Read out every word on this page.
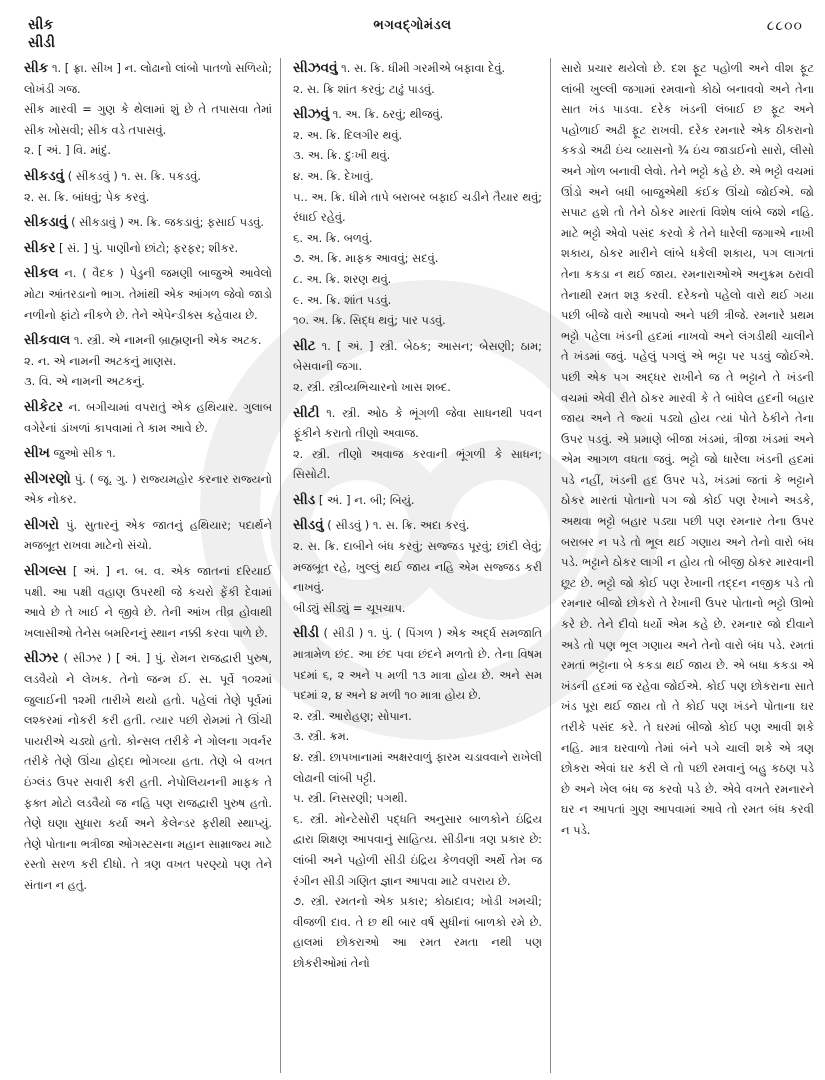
સીક
સીડી
ભગવદ્ગોમંડલ	૮૮૦૦

સીક ૧. [ ફ્રા. સીખ ] ન. લોઢાનો લાંબો પાતળો સળિયો; લોખંડી ગજ.

સીક મારવી = ગુણ કે થેલામાં શું છે તે તપાસવા તેમાં સીક ખોસવી; સીક વડે તપાસવું.

૨. [ અં. ] વિ. માંદું.

સીકડવું ( સીકડવું ) ૧. સ. ક્રિ. પકડવું.

૨. સ. ક્રિ. બાંધવું; પેક કરવું.

સીકડાવું ( સીકડાવું ) અ. ક્રિ. જકડાવું; ફસાઈ પડવું.

સીકર [ સં. ] પું. પાણીનો છાંટો; ફરફર; શીકર.

સીકલ ન. ( વૈદક ) પેડુની જમણી બાજુએ આવેલો મોટા આંતરડાનો ભાગ. તેમાંથી એક આંગળ જેવો જાડો નળીનો ફાંટો નીકળે છે. તેને એપેન્ડીક્સ કહેવાય છે.

સીકવાલ ૧. સ્ત્રી. એ નામની બ્રાહ્મણની એક અટક.

૨. ન. એ નામની અટકનું માણસ.

૩. વિ. એ નામની અટકનું.

સીકેટર ન. બગીચામાં વપરાતું એક હથિયાર. ગુલાબ વગેરેનાં ડાંખળાં કાપવામાં તે કામ આવે છે.

સીખ જુઓ સીક ૧.

સીગરણો પું. ( જૂ. ગુ. ) રાજ્યમહોર કરનાર રાજ્યનો એક નોકર.

સીગરો પું. સુતારનું એક જાતનું હથિયાર; પદાર્થને મજબૂત રાખવા માટેનો સંચો.

સીગલ્સ [ અં. ] ન. બ. વ. એક જાતનાં દરિયાઈ પક્ષી. આ પક્ષી વહાણ ઉપરથી જે કચરો ફેંકી દેવામાં આવે છે તે ખાઈ ને જીવે છે. તેની આંખ તીવ્ર હોવાથી ખલાસીઓ તેનેસ બમરિનનું સ્થાન નક્કી કરવા પાળે છે.

સીઝર ( સીઝર ) [ અં. ] પું. રોમન રાજદ્વારી પુરુષ, લડવૈયો ને લેખક. તેનો જન્મ ઈ. સ. પૂર્વે ૧૦૨માં જુલાઈની ૧૨મી તારીખે થયો હતો. પહેલાં તેણે પૂર્વમાં લશ્કરમાં નોકરી કરી હતી. ત્યાર પછી રોમમાં તે ઊંચી પાયરીએ ચડ્યો હતો. કોન્સલ તરીકે ને ગોલના ગવર્નર તરીકે તેણે ઊંચા હોદ્દા ભોગવ્યા હતા. તેણે બે વખત ઇંગ્લંડ ઉપર સવારી કરી હતી. નેપોલિયનની માફક તે ફક્ત મોટો લડવૈયો જ નહિ પણ રાજદ્વારી પુરુષ હતો. તેણે ઘણા સુધારા કર્યા અને કેલેન્ડર ફરીથી સ્થાપ્યું. તેણે પોતાના ભત્રીજા ઓગસ્ટસના મહાન સામ્રાજ્ય માટે રસ્તો સરળ કરી દીધો. તે ત્રણ વખત પરણ્યો પણ તેને સંતાન ન હતું.

સીઝવવું ૧. સ. ક્રિ. ધીમી ગરમીએ બફાવા દેવું.

૨. સ. ક્રિ શાંત કરવું; ટાઢું પાડવું.

સીઝવું ૧. અ. ક્રિ. ઠરવું; થીજવું.

૨. અ. ક્રિ. દિલગીર થવું.

૩. અ. ક્રિ. દુઃખી થવું.

૪. અ. ક્રિ. દેખાવું.

૫.. અ. ક્રિ. ધીમે તાપે બરાબર બફાઈ ચડીને તૈયાર થવું; રંધાઈ રહેવું.

૬. અ. ક્રિ. બળવું.

૭. અ. ક્રિ. માફક આવવું; સદવું.

૮. અ. ક્રિ. શરણ થવું.

૯. અ. ક્રિ. શાંત પડવું.

૧૦. અ. ક્રિ. સિદ્ધ થવું; પાર પડવું.

સીટ ૧. [ અં. ] સ્ત્રી. બેઠક; આસન; બેસણી; ઠામ; બેસવાની જગા.

૨. સ્ત્રી. સ્ત્રીવ્યભિચારનો ખાસ શબ્દ.

સીટી ૧. સ્ત્રી. ઓઠ કે ભૂંગળી જેવા સાધનથી પવન ફૂંકીને કરાતો તીણો અવાજ.

૨. સ્ત્રી. તીણો અવાજ કરવાની ભૂંગળી કે સાધન; સિસોટી.

સીડ [ અં. ] ન. બી; બિયું.

સીડવું ( સીડવું ) ૧. સ. ક્રિ. અદા કરવું.

૨. સ. ક્રિ. દાબીને બંધ કરવું; સજ્જડ પૂરવું; છાંદી લેવું; મજબૂત રહે, ખુલ્લું થઈ જાય નહિ એમ સજ્જડ કરી નાખવું.

બીડ્યું સીડ્યું = ચૂપચાપ.

સીડી ( સીડી ) ૧. પું. ( પિંગળ ) એક અર્દ્ધ સમજાતિ માત્રામેળ છંદ. આ છંદ પવા છંદને મળતો છે. તેના વિષમ પદમાં ૬, ૨ અને ૫ મળી ૧૩ માત્રા હોય છે. અને સમ પદમાં ૨, ૪ અને ૪ મળી ૧૦ માત્રા હોય છે.

૨. સ્ત્રી. આરોહણ; સોપાન.

૩. સ્ત્રી. ક્રમ.

૪. સ્ત્રી. છાપખાનામાં અક્ષરવાળું ફારમ ચડાવવાને રાખેલી લોઢાની લાંબી પટ્ટી.

૫. સ્ત્રી. નિસરણી; પગથી.

૬. સ્ત્રી. મોન્ટેસોરી પદ્ધતિ અનુસાર બાળકોને ઇંદ્રિય દ્વારા શિક્ષણ આપવાનું સાહિત્ય. સીડીના ત્રણ પ્રકાર છે: લાંબી અને પહોળી સીડી ઇંદ્રિય કેળવણી અર્થે તેમ જ રંગીન સીડી ગણિત જ્ઞાન આપવા માટે વપરાય છે.

૭. સ્ત્રી. રમતનો એક પ્રકાર; કોઠાદાવ; ખોડી ખમચી; વીજળી દાવ. તે છ થી બાર વર્ષ સુધીનાં બાળકો રમે છે. હાલમાં છોકરાઓ આ રમત રમતા નથી પણ છોકરીઓમાં તેનો

સારો પ્રચાર થયેલો છે. દશ ફૂટ પહોળી અને વીશ ફૂટ લાંબી ખુલ્લી જગામાં રમવાનો કોઠો બનાવવો અને તેના સાત ખંડ પાડવા. દરેક ખંડની લંબાઈ છ ફૂટ અને પહોળાઈ અઢી ફૂટ રાખવી. દરેક રમનારે એક ઠીકરાનો કકડો અઢી ઇંચ વ્યાસનો ¾ ઇંચ જાડાઈનો સારો, લીસો અને ગોળ બનાવી લેવો. તેને ભટ્ટો કહે છે. એ ભટ્ટો વચમાં ઊંડો અને બધી બાજુએથી કંઈક ઊંચો જોઈએ. જો સપાટ હશે તો તેને ઠોકર મારતાં વિશેષ લાંબે જશે નહિ. માટે ભટ્ટો એવો પસંદ કરવો કે તેને ધારેલી જગાએ નાખી શકાય, ઠોકર મારીને લાંબે ધકેલી શકાય, પગ લાગતાં તેના કકડા ન થઈ જાય. રમનારાઓએ અનુક્રમ ઠરાવી તેનાથી રમત શરૂ કરવી. દરેકનો પહેલો વારો થઈ ગયા પછી બીજે વારો આપવો અને પછી ત્રીજે. રમનારે પ્રથમ ભટ્ટો પહેલા ખંડની હદમાં નાખવો અને લંગડીથી ચાલીને તે ખંડમાં જવું. પહેલું પગલું એ ભટ્ટા પર પડવું જોઈએ. પછી એક પગ અદ્ધર રાખીને જ તે ભટ્ટાને તે ખંડની વચમાં એવી રીતે ઠોકર મારવી કે તે બાંધેલ હદની બહાર જાય અને તે જ્યાં પડ્યો હોય ત્યાં પોતે ઠેકીને તેના ઉપર પડવું. એ પ્રમાણે બીજા ખંડમાં, ત્રીજા ખંડમાં અને એમ આગળ વધતા જવું. ભટ્ટો જો ધારેલા ખંડની હદમાં પડે નહીં, ખંડની હદ ઉપર પડે, ખંડમાં જતાં કે ભટ્ટાને ઠોકર મારતાં પોતાનો પગ જો કોઈ પણ રેખાને અડકે, અથવા ભટ્ટો બહાર પડ્યા પછી પણ રમનાર તેના ઉપર બરાબર ન પડે તો ભૂલ થઈ ગણાય અને તેનો વારો બંધ પડે. ભટ્ટાને ઠોકર લાગી ન હોય તો બીજી ઠોકર મારવાની છૂટ છે. ભટ્ટો જો કોઈ પણ રેખાની તદ્દન નજીક પડે તો રમનાર બીજો છોકરો તે રેખાની ઉપર પોતાનો ભટ્ટો ઊભો કરે છે. તેને દીવો ધર્યો એમ કહે છે. રમનાર જો દીવાને અડે તો પણ ભૂલ ગણાય અને તેનો વારો બંધ પડે. રમતાં રમતાં ભટ્ટાના બે કકડા થઈ જાય છે. એ બધા કકડા એ ખંડની હદમાં જ રહેવા જોઈએ. કોઈ પણ છોકરાના સાતે ખંડ પૂરા થઈ જાય તો તે કોઈ પણ ખંડને પોતાના ઘર તરીકે પસંદ કરે. તે ઘરમાં બીજો કોઈ પણ આવી શકે નહિ. માત્ર ઘરવાળો તેમાં બંને પગે ચાલી શકે એ ત્રણ છોકરા એવાં ઘર કરી લે તો પછી રમવાનું બહુ કઠણ પડે છે અને ખેલ બંધ જ કરવો પડે છે. એવે વખતે રમનારને ઘર ન આપતાં ગુણ આપવામાં આવે તો રમત બંધ કરવી ન પડે.
